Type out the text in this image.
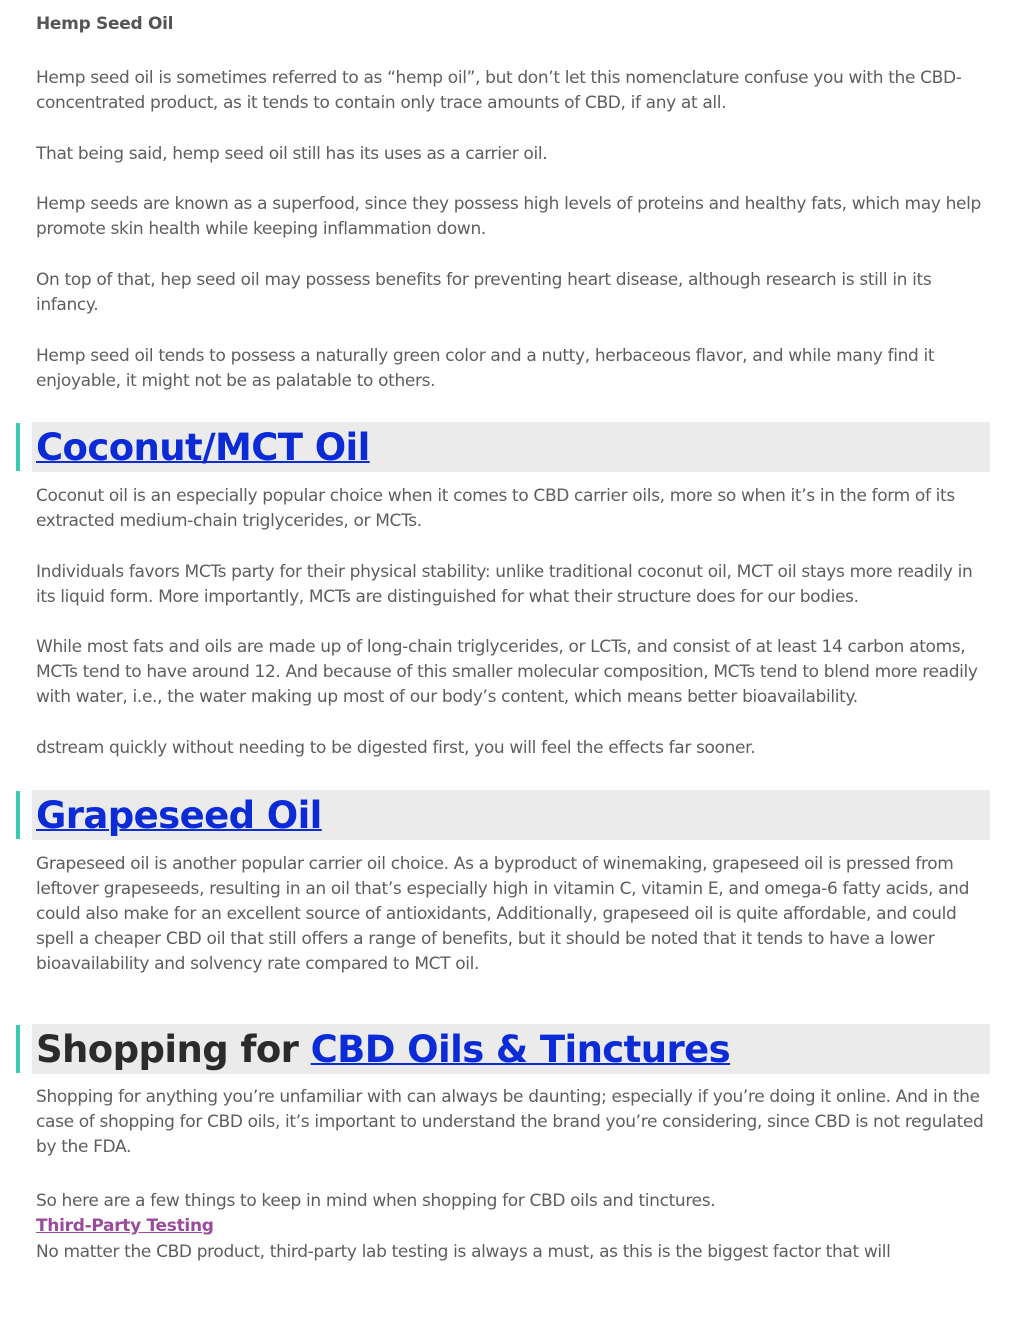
Hemp Seed Oil

Hemp seed oil is sometimes referred to as “hemp oil”, but don’t let this nomenclature confuse you with the CBD-concentrated product, as it tends to contain only trace amounts of CBD, if any at all.

That being said, hemp seed oil still has its uses as a carrier oil.

Hemp seeds are known as a superfood, since they possess high levels of proteins and healthy fats, which may help promote skin health while keeping inflammation down.

On top of that, hep seed oil may possess benefits for preventing heart disease, although research is still in its infancy.

Hemp seed oil tends to possess a naturally green color and a nutty, herbaceous flavor, and while many find it enjoyable, it might not be as palatable to others.

Coconut/MCT Oil

Coconut oil is an especially popular choice when it comes to CBD carrier oils, more so when it’s in the form of its extracted medium-chain triglycerides, or MCTs.

Individuals favors MCTs party for their physical stability: unlike traditional coconut oil, MCT oil stays more readily in its liquid form. More importantly, MCTs are distinguished for what their structure does for our bodies.

While most fats and oils are made up of long-chain triglycerides, or LCTs, and consist of at least 14 carbon atoms, MCTs tend to have around 12. And because of this smaller molecular composition, MCTs tend to blend more readily with water, i.e., the water making up most of our body’s content, which means better bioavailability.

dstream quickly without needing to be digested first, you will feel the effects far sooner.

Grapeseed Oil

Grapeseed oil is another popular carrier oil choice. As a byproduct of winemaking, grapeseed oil is pressed from leftover grapeseeds, resulting in an oil that’s especially high in vitamin C, vitamin E, and omega-6 fatty acids, and could also make for an excellent source of antioxidants, Additionally, grapeseed oil is quite affordable, and could spell a cheaper CBD oil that still offers a range of benefits, but it should be noted that it tends to have a lower bioavailability and solvency rate compared to MCT oil.

Shopping for CBD Oils & Tinctures

Shopping for anything you’re unfamiliar with can always be daunting; especially if you’re doing it online. And in the case of shopping for CBD oils, it’s important to understand the brand you’re considering, since CBD is not regulated by the FDA.

So here are a few things to keep in mind when shopping for CBD oils and tinctures.

Third-Party Testing

No matter the CBD product, third-party lab testing is always a must, as this is the biggest factor that will
